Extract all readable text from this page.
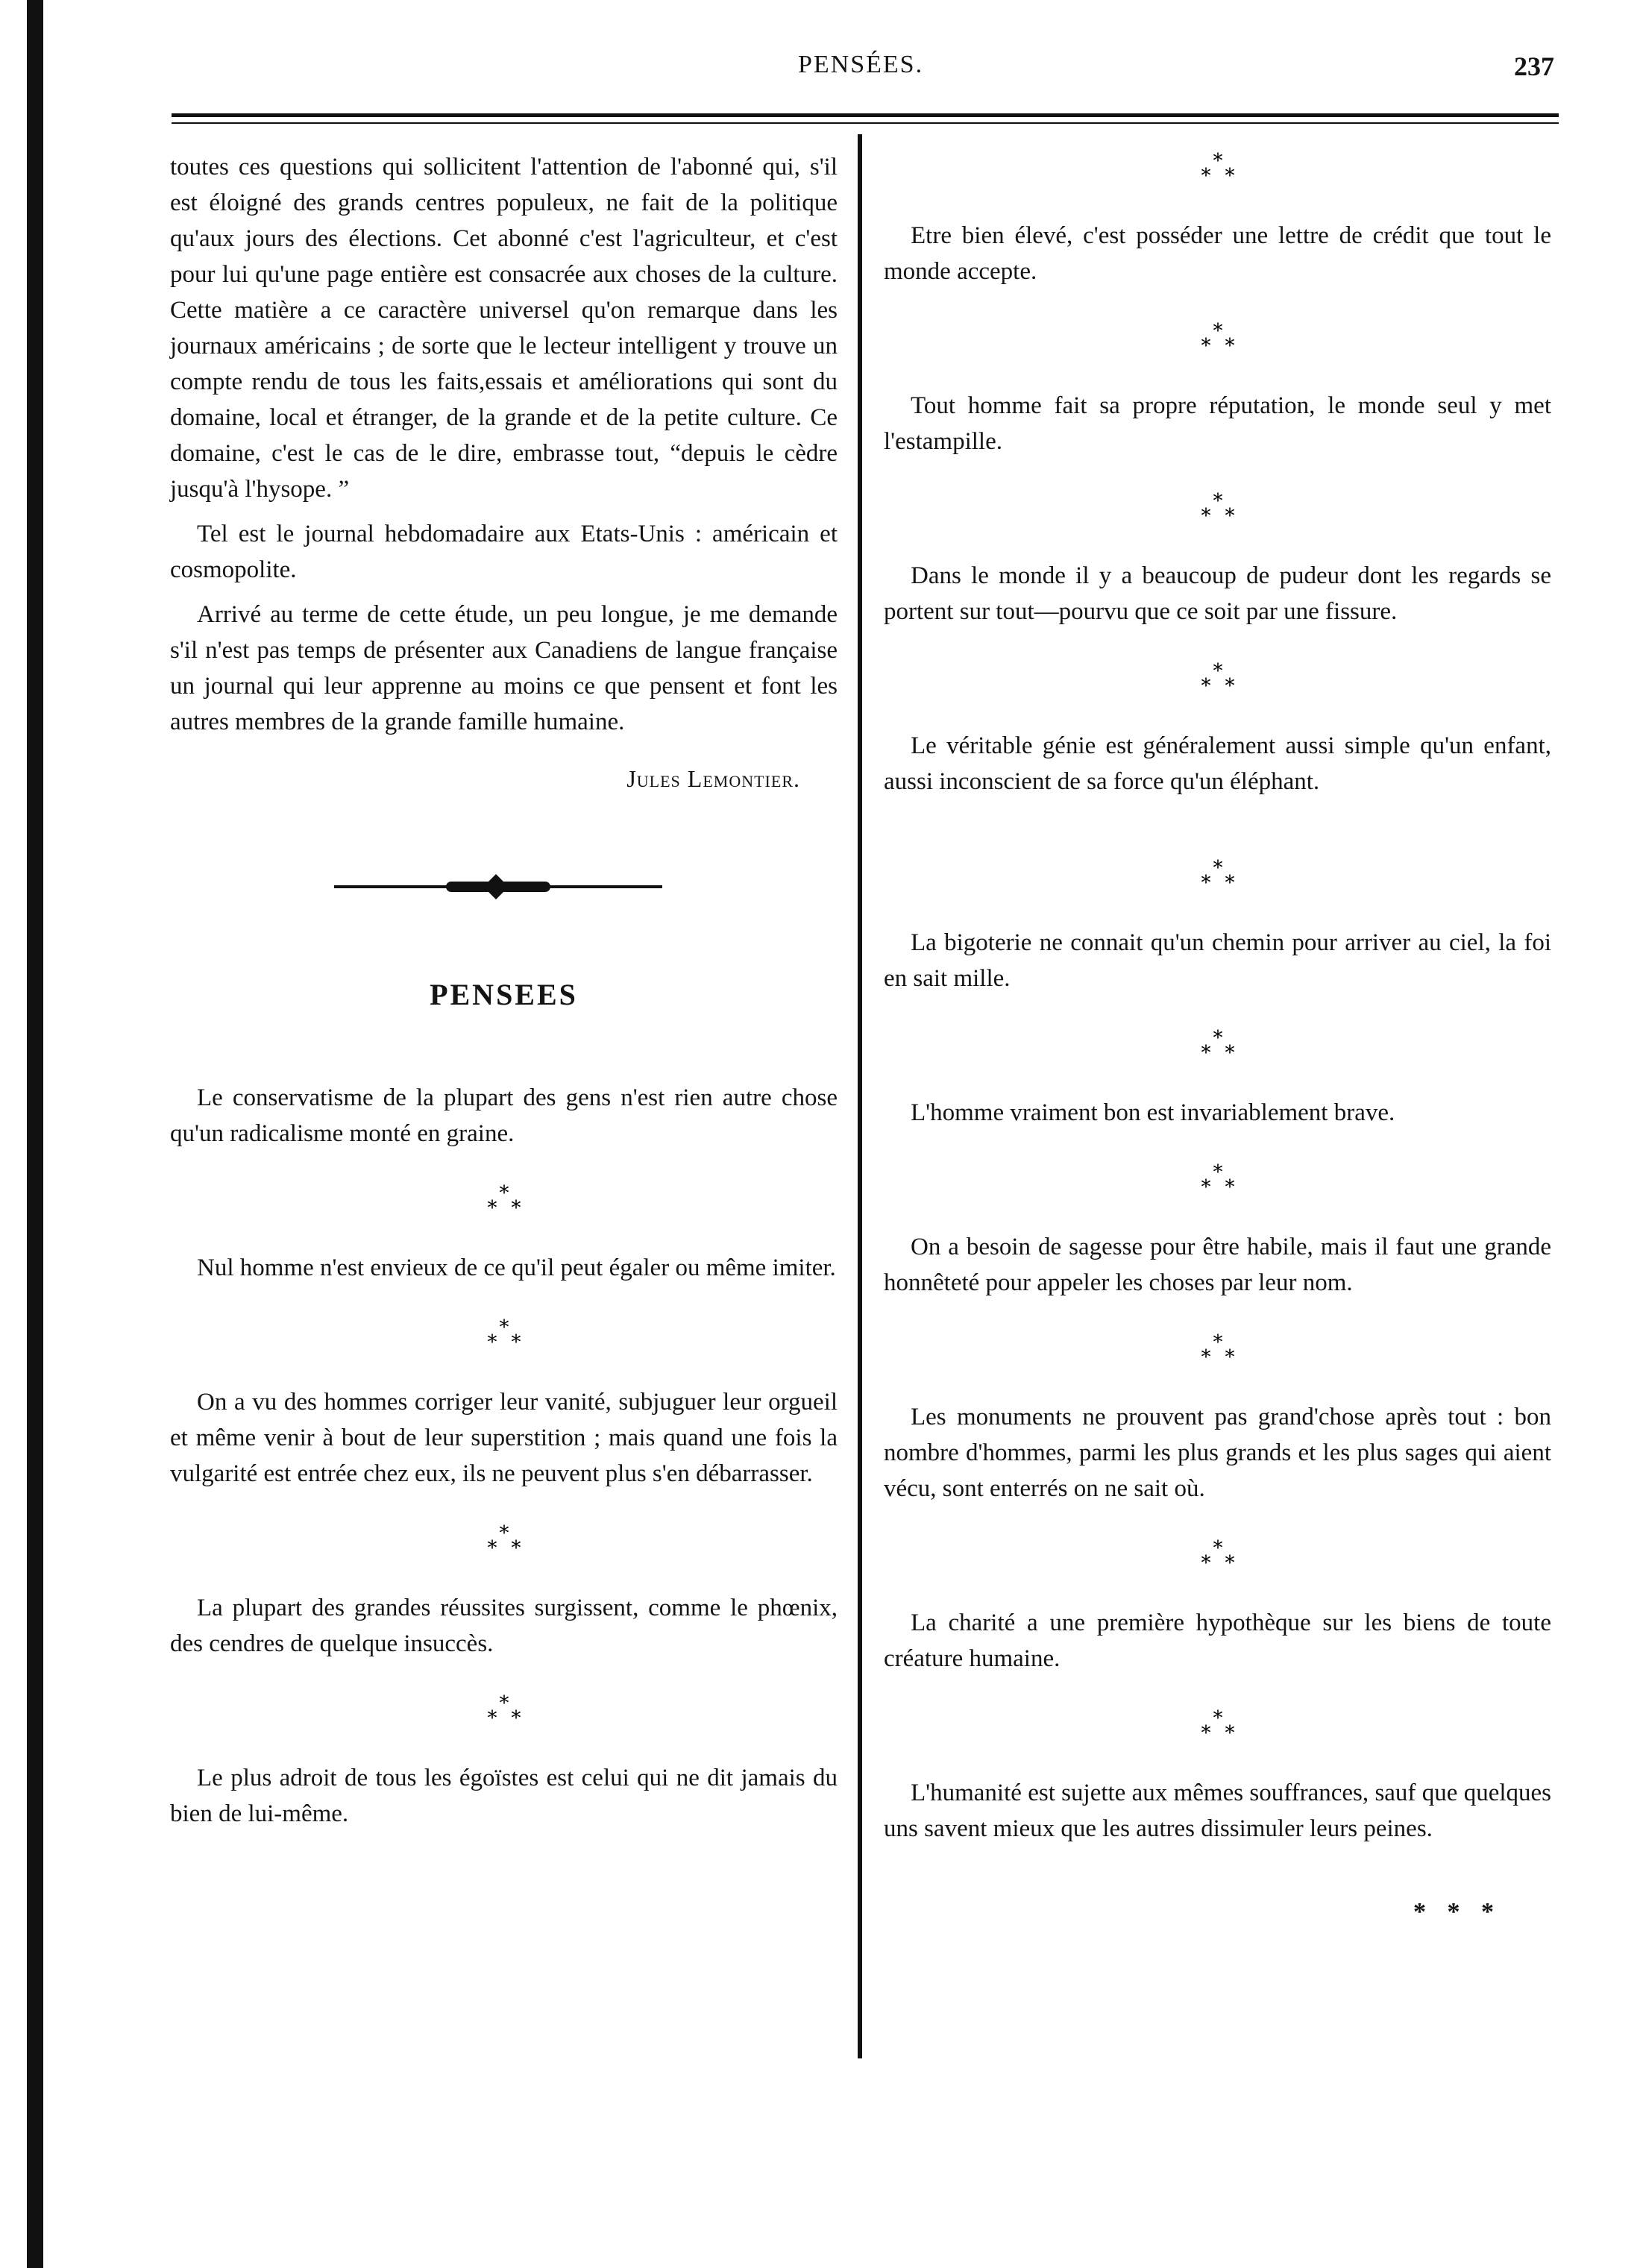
PENSÉES.	237

toutes ces questions qui sollicitent l'attention de l'abonné qui, s'il est éloigné des grands centres populeux, ne fait de la politique qu'aux jours des élections. Cet abonné c'est l'agriculteur, et c'est pour lui qu'une page entière est consacrée aux choses de la culture. Cette matière a ce caractère universel qu'on remarque dans les journaux américains ; de sorte que le lecteur intelligent y trouve un compte rendu de tous les faits,essais et améliorations qui sont du domaine, local et étranger, de la grande et de la petite culture. Ce domaine, c'est le cas de le dire, embrasse tout, “depuis le cèdre jusqu'à l'hysope. ”

Tel est le journal hebdomadaire aux Etats-Unis : américain et cosmopolite.

Arrivé au terme de cette étude, un peu longue, je me demande s'il n'est pas temps de présenter aux Canadiens de langue française un journal qui leur apprenne au moins ce que pensent et font les autres membres de la grande famille humaine.

Jules Lemontier.
PENSEES

Le conservatisme de la plupart des gens n'est rien autre chose qu'un radicalisme monté en graine.

*
* *

Nul homme n'est envieux de ce qu'il peut égaler ou même imiter.

*
* *

On a vu des hommes corriger leur vanité, subjuguer leur orgueil et même venir à bout de leur superstition ; mais quand une fois la vulgarité est entrée chez eux, ils ne peuvent plus s'en débarrasser.

*
* *

La plupart des grandes réussites surgissent, comme le phœnix, des cendres de quelque insuccès.

*
* *

Le plus adroit de tous les égoïstes est celui qui ne dit jamais du bien de lui-même.

*
* *

Etre bien élevé, c'est posséder une lettre de crédit que tout le monde accepte.

*
* *

Tout homme fait sa propre réputation, le monde seul y met l'estampille.

*
* *

Dans le monde il y a beaucoup de pudeur dont les regards se portent sur tout—pourvu que ce soit par une fissure.

*
* *

Le véritable génie est généralement aussi simple qu'un enfant, aussi inconscient de sa force qu'un éléphant.

*
* *

La bigoterie ne connait qu'un chemin pour arriver au ciel, la foi en sait mille.

*
* *

L'homme vraiment bon est invariablement brave.

*
* *

On a besoin de sagesse pour être habile, mais il faut une grande honnêteté pour appeler les choses par leur nom.

*
* *

Les monuments ne prouvent pas grand'chose après tout : bon nombre d'hommes, parmi les plus grands et les plus sages qui aient vécu, sont enterrés on ne sait où.

*
* *

La charité a une première hypothèque sur les biens de toute créature humaine.

*
* *

L'humanité est sujette aux mêmes souffrances, sauf que quelques uns savent mieux que les autres dissimuler leurs peines.

* * *
